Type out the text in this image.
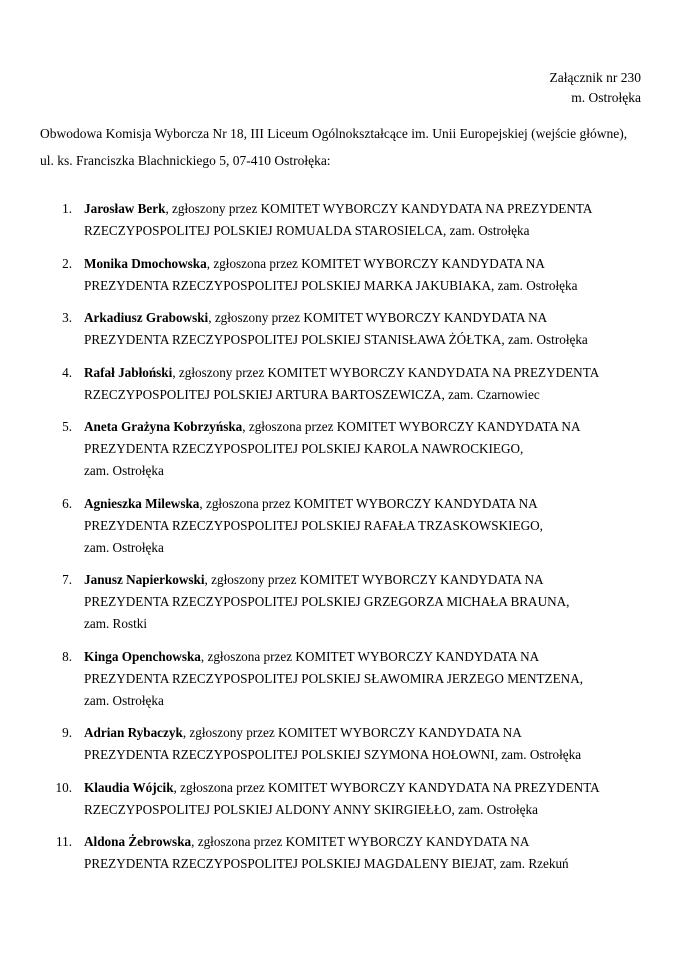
Załącznik nr 230
m. Ostrołęka
Obwodowa Komisja Wyborcza Nr 18, III Liceum Ogólnokształcące im. Unii Europejskiej (wejście główne),
ul. ks. Franciszka Blachnickiego 5, 07-410 Ostrołęka:
1. Jarosław Berk, zgłoszony przez KOMITET WYBORCZY KANDYDATA NA PREZYDENTA
RZECZYPOSPOLITEJ POLSKIEJ ROMUALDA STAROSIELCA, zam. Ostrołęka
2. Monika Dmochowska, zgłoszona przez KOMITET WYBORCZY KANDYDATA NA
PREZYDENTA RZECZYPOSPOLITEJ POLSKIEJ MARKA JAKUBIAKA, zam. Ostrołęka
3. Arkadiusz Grabowski, zgłoszony przez KOMITET WYBORCZY KANDYDATA NA
PREZYDENTA RZECZYPOSPOLITEJ POLSKIEJ STANISŁAWA ŻÓŁTKA, zam. Ostrołęka
4. Rafał Jabłoński, zgłoszony przez KOMITET WYBORCZY KANDYDATA NA PREZYDENTA
RZECZYPOSPOLITEJ POLSKIEJ ARTURA BARTOSZEWICZA, zam. Czarnowiec
5. Aneta Grażyna Kobrzyńska, zgłoszona przez KOMITET WYBORCZY KANDYDATA NA
PREZYDENTA RZECZYPOSPOLITEJ POLSKIEJ KAROLA NAWROCKIEGO,
zam. Ostrołęka
6. Agnieszka Milewska, zgłoszona przez KOMITET WYBORCZY KANDYDATA NA
PREZYDENTA RZECZYPOSPOLITEJ POLSKIEJ RAFAŁA TRZASKOWSKIEGO,
zam. Ostrołęka
7. Janusz Napierkowski, zgłoszony przez KOMITET WYBORCZY KANDYDATA NA
PREZYDENTA RZECZYPOSPOLITEJ POLSKIEJ GRZEGORZA MICHAŁA BRAUNA,
zam. Rostki
8. Kinga Openchowska, zgłoszona przez KOMITET WYBORCZY KANDYDATA NA
PREZYDENTA RZECZYPOSPOLITEJ POLSKIEJ SŁAWOMIRA JERZEGO MENTZENA,
zam. Ostrołęka
9. Adrian Rybaczyk, zgłoszony przez KOMITET WYBORCZY KANDYDATA NA
PREZYDENTA RZECZYPOSPOLITEJ POLSKIEJ SZYMONA HOŁOWNI, zam. Ostrołęka
10. Klaudia Wójcik, zgłoszona przez KOMITET WYBORCZY KANDYDATA NA PREZYDENTA
RZECZYPOSPOLITEJ POLSKIEJ ALDONY ANNY SKIRGIEŁŁO, zam. Ostrołęka
11. Aldona Żebrowska, zgłoszona przez KOMITET WYBORCZY KANDYDATA NA
PREZYDENTA RZECZYPOSPOLITEJ POLSKIEJ MAGDALENY BIEJAT, zam. Rzekuń
